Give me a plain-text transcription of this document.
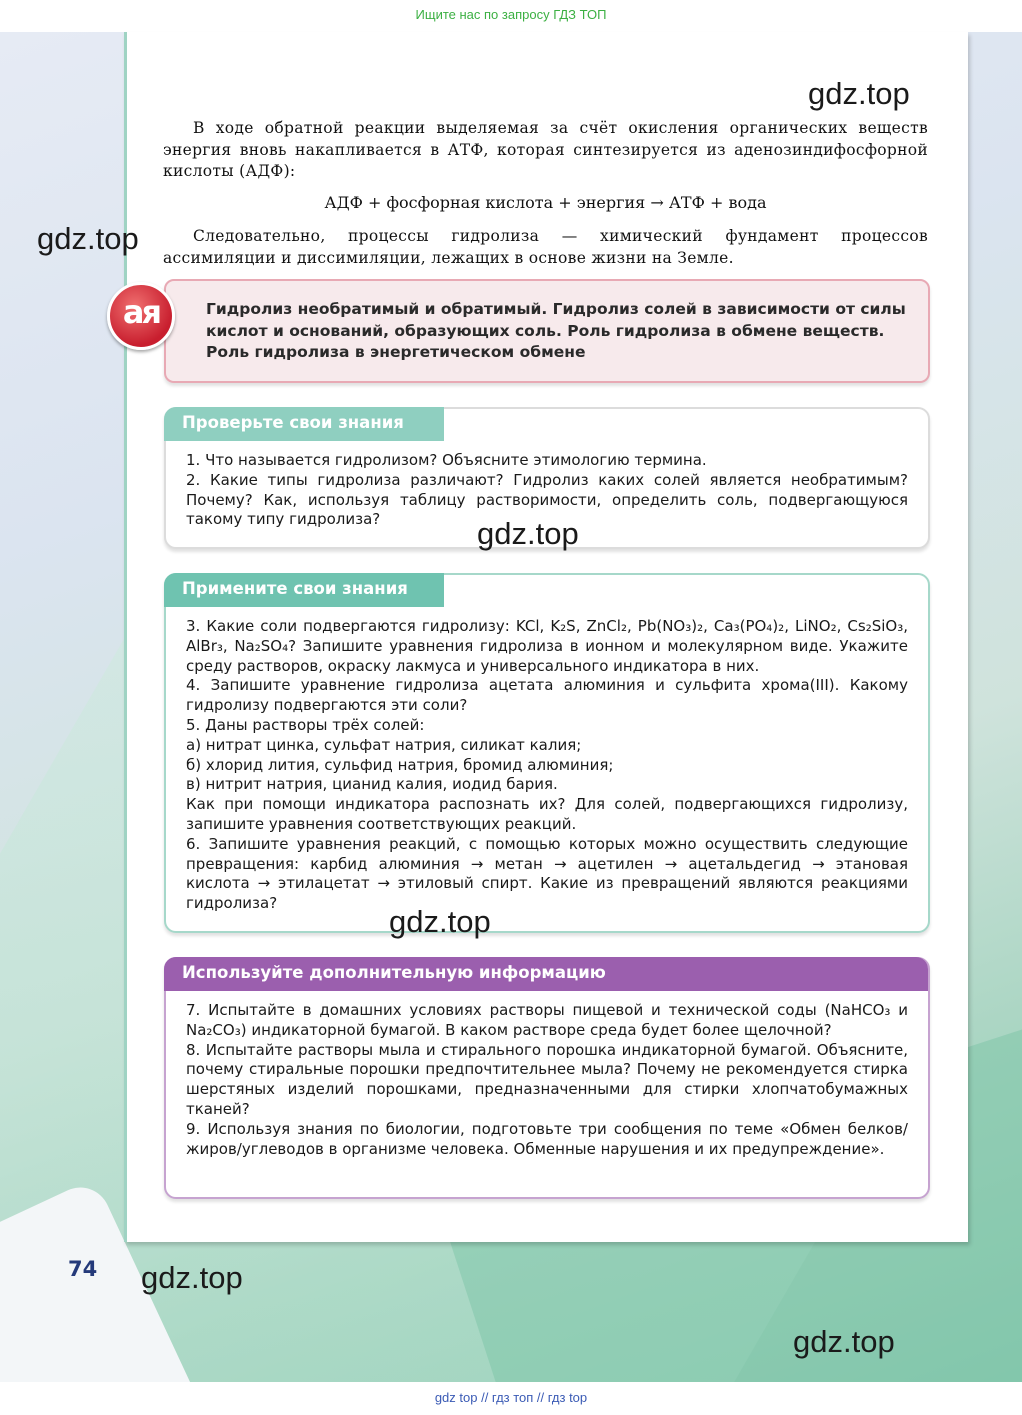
Ищите нас по запросу ГДЗ ТОП
В ходе обратной реакции выделяемая за счёт окисления органических веществ энергия вновь накапливается в АТФ, которая синтезируется из аденозиндифосфорной кислоты (АДФ):
АДФ + фосфорная кислота + энергия → АТФ + вода
Следовательно, процессы гидролиза — химический фундамент процессов ассимиляции и диссимиляции, лежащих в основе жизни на Земле.
Гидролиз необратимый и обратимый. Гидролиз солей в зависимости от силы кислот и оснований, образующих соль. Роль гидролиза в обмене веществ. Роль гидролиза в энергетическом обмене
ая
Проверьте свои знания

1. Что называется гидролизом? Объясните этимологию термина.

2. Какие типы гидролиза различают? Гидролиз каких солей является необратимым? Почему? Как, используя таблицу растворимости, определить соль, подвергающуюся такому типу гидролиза?

Примените свои знания

3. Какие соли подвергаются гидролизу: KCl, K₂S, ZnCl₂, Pb(NO₃)₂, Ca₃(PO₄)₂, LiNO₂, Cs₂SiO₃, AlBr₃, Na₂SO₄? Запишите уравнения гидролиза в ионном и молекулярном виде. Укажите среду растворов, окраску лакмуса и универсального индикатора в них.

4. Запишите уравнение гидролиза ацетата алюминия и сульфита хрома(III). Какому гидролизу подвергаются эти соли?

5. Даны растворы трёх солей:

а) нитрат цинка, сульфат натрия, силикат калия;

б) хлорид лития, сульфид натрия, бромид алюминия;

в) нитрит натрия, цианид калия, иодид бария.

Как при помощи индикатора распознать их? Для солей, подвергающихся гидролизу, запишите уравнения соответствующих реакций.

6. Запишите уравнения реакций, с помощью которых можно осуществить следующие превращения: карбид алюминия → метан → ацетилен → ацетальдегид → этановая кислота → этилацетат → этиловый спирт. Какие из превращений являются реакциями гидролиза?

Используйте дополнительную информацию

7. Испытайте в домашних условиях растворы пищевой и технической соды (NaHCO₃ и Na₂CO₃) индикаторной бумагой. В каком растворе среда будет более щелочной?

8. Испытайте растворы мыла и стирального порошка индикаторной бумагой. Объясните, почему стиральные порошки предпочтительнее мыла? Почему не рекомендуется стирка шерстяных изделий порошками, предназначенными для стирки хлопчатобумажных тканей?

9. Используя знания по биологии, подготовьте три сообщения по теме «Обмен белков/жиров/углеводов в организме человека. Обменные нарушения и их предупреждение».

74
gdz.top
gdz.top
gdz.top
gdz.top
gdz.top
gdz.top
gdz top // гдз топ // гдз top
